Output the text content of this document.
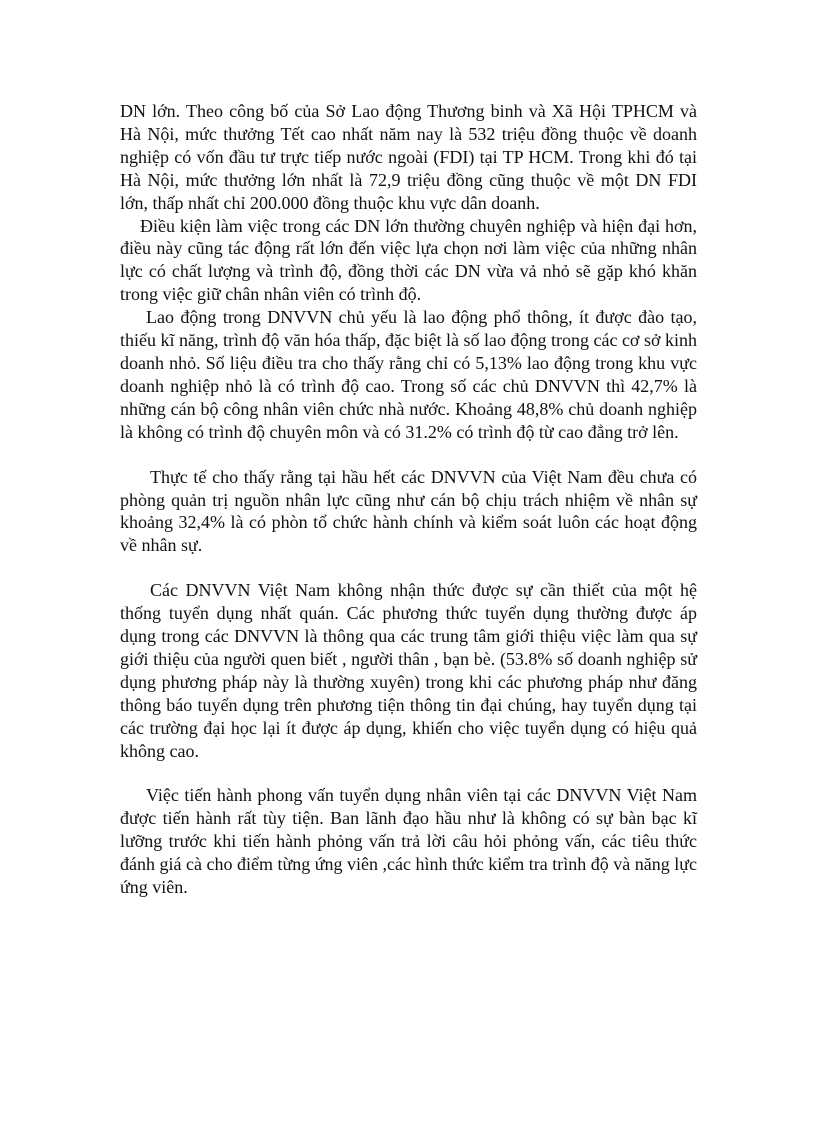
DN lớn. Theo công bố của Sở Lao động Thương binh và Xã Hội TPHCM và Hà Nội, mức thưởng Tết cao nhất năm nay là 532 triệu đồng thuộc về doanh nghiệp có vốn đầu tư trực tiếp nước ngoài (FDI) tại TP HCM. Trong khi đó tại Hà Nội, mức thưởng lớn nhất là 72,9 triệu đồng cũng thuộc về một DN FDI lớn, thấp nhất chỉ 200.000 đồng thuộc khu vực dân doanh.

Điều kiện làm việc trong các DN lớn thường chuyên nghiệp và hiện đại hơn, điều này cũng tác động rất lớn đến việc lựa chọn nơi làm việc của những nhân lực có chất lượng và trình độ, đồng thời các DN vừa vả nhỏ sẽ gặp khó khăn trong việc giữ chân nhân viên có trình độ.

Lao động trong DNVVN chủ yếu là lao động phổ thông, ít được đào tạo, thiếu kĩ năng, trình độ văn hóa thấp, đặc biệt là số lao động trong các cơ sở kinh doanh nhỏ. Số liệu điều tra cho thấy rằng chỉ có 5,13% lao động trong khu vực doanh nghiệp nhỏ là có trình độ cao. Trong số các chủ DNVVN thì 42,7% là những cán bộ công nhân viên chức nhà nước. Khoảng 48,8% chủ doanh nghiệp là không có trình độ chuyên môn và có 31.2% có trình độ từ cao đẳng trở lên.

Thực tế cho thấy rằng tại hầu hết các DNVVN của Việt Nam đều chưa có phòng quản trị nguồn nhân lực cũng như cán bộ chịu trách nhiệm về nhân sự khoảng 32,4% là có phòn tổ chức hành chính và kiểm soát luôn các hoạt động về nhân sự.

Các DNVVN Việt Nam không nhận thức được sự cần thiết của một hệ thống tuyển dụng nhất quán. Các phương thức tuyển dụng thường được áp dụng trong các DNVVN là thông qua các trung tâm giới thiệu việc làm qua sự giới thiệu của người quen biết , người thân , bạn bè. (53.8% số doanh nghiệp sử dụng phương pháp này là thường xuyên) trong khi các phương pháp như đăng thông báo tuyển dụng trên phương tiện thông tin đại chúng, hay tuyển dụng tại các trường đại học lại ít được áp dụng, khiến cho việc tuyển dụng có hiệu quả không cao.

Việc tiến hành phong vấn tuyển dụng nhân viên tại các DNVVN Việt Nam được tiến hành rất tùy tiện. Ban lãnh đạo hầu như là không có sự bàn bạc kĩ lưỡng trước khi tiến hành phỏng vấn trả lời câu hỏi phỏng vấn, các tiêu thức đánh giá cà cho điểm từng ứng viên ,các hình thức kiểm tra trình độ và năng lực ứng viên.
